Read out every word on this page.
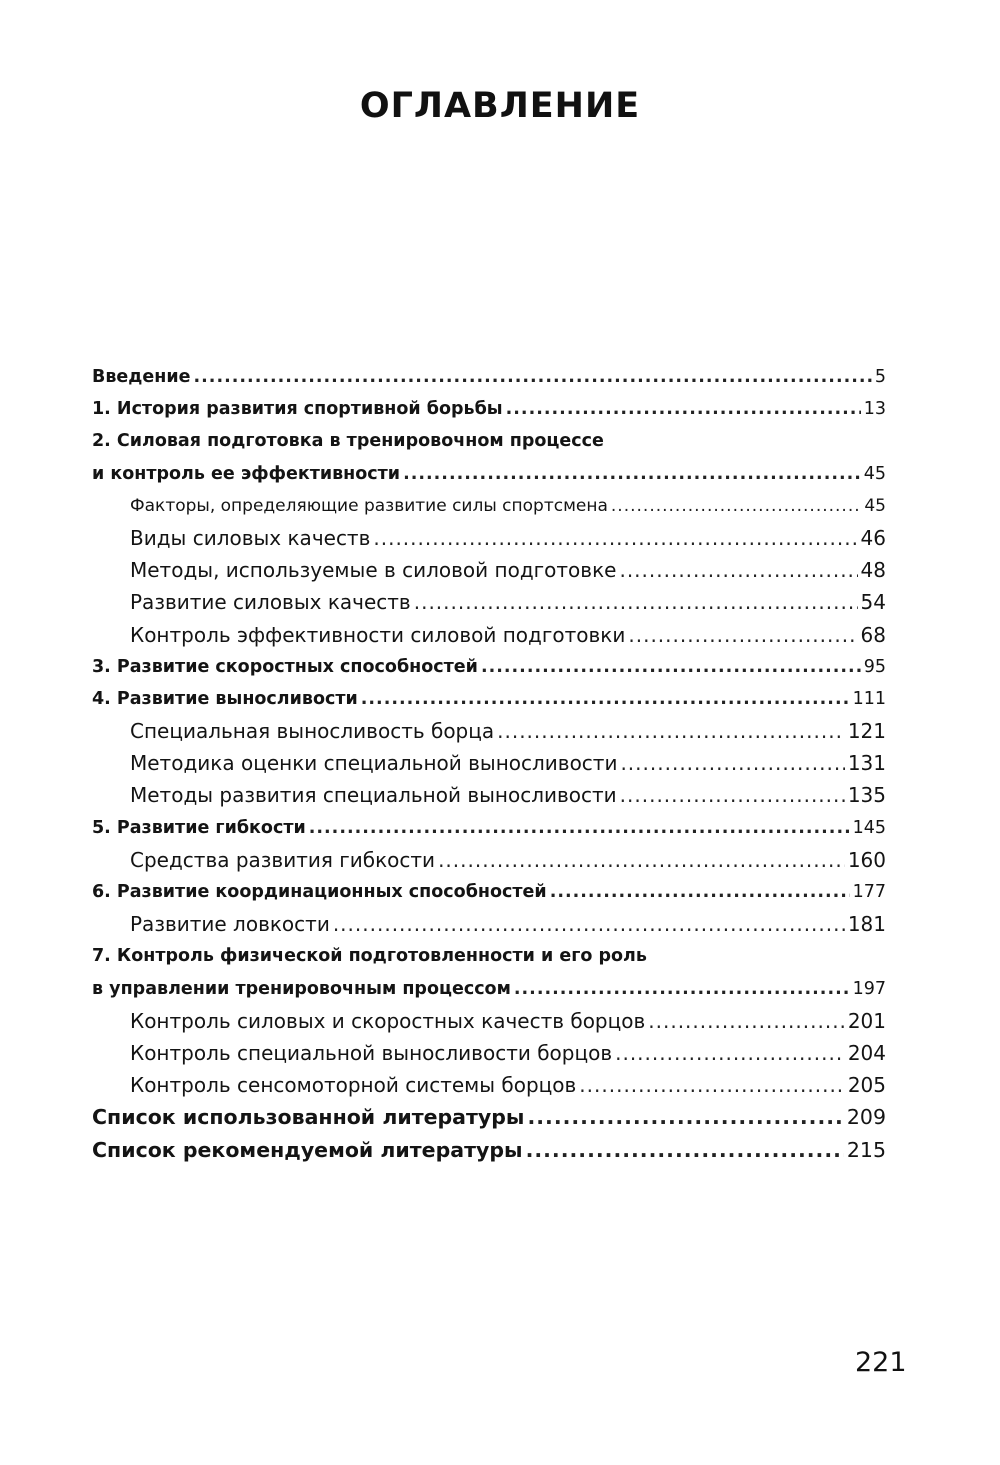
ОГЛАВЛЕНИЕ
Введение .....	5
1. История развития спортивной борьбы .....	13
2. Силовая подготовка в тренировочном процессе
и контроль ее эффективности .....	45
Факторы, определяющие развитие силы спортсмена .....	45
Виды силовых качеств .....	46
Методы, используемые в силовой подготовке .....	48
Развитие силовых качеств .....	54
Контроль эффективности силовой подготовки .....	68
3. Развитие скоростных способностей .....	95
4. Развитие выносливости .....	111
Специальная выносливость борца .....	121
Методика оценки специальной выносливости .....	131
Методы развития специальной выносливости .....	135
5. Развитие гибкости .....	145
Средства развития гибкости .....	160
6. Развитие координационных способностей .....	177
Развитие ловкости .....	181
7. Контроль физической подготовленности и его роль
в управлении тренировочным процессом .....	197
Контроль силовых и скоростных качеств борцов .....	201
Контроль специальной выносливости борцов .....	204
Контроль сенсомоторной системы борцов .....	205
Список использованной литературы .....	209
Список рекомендуемой литературы .....	215
221
